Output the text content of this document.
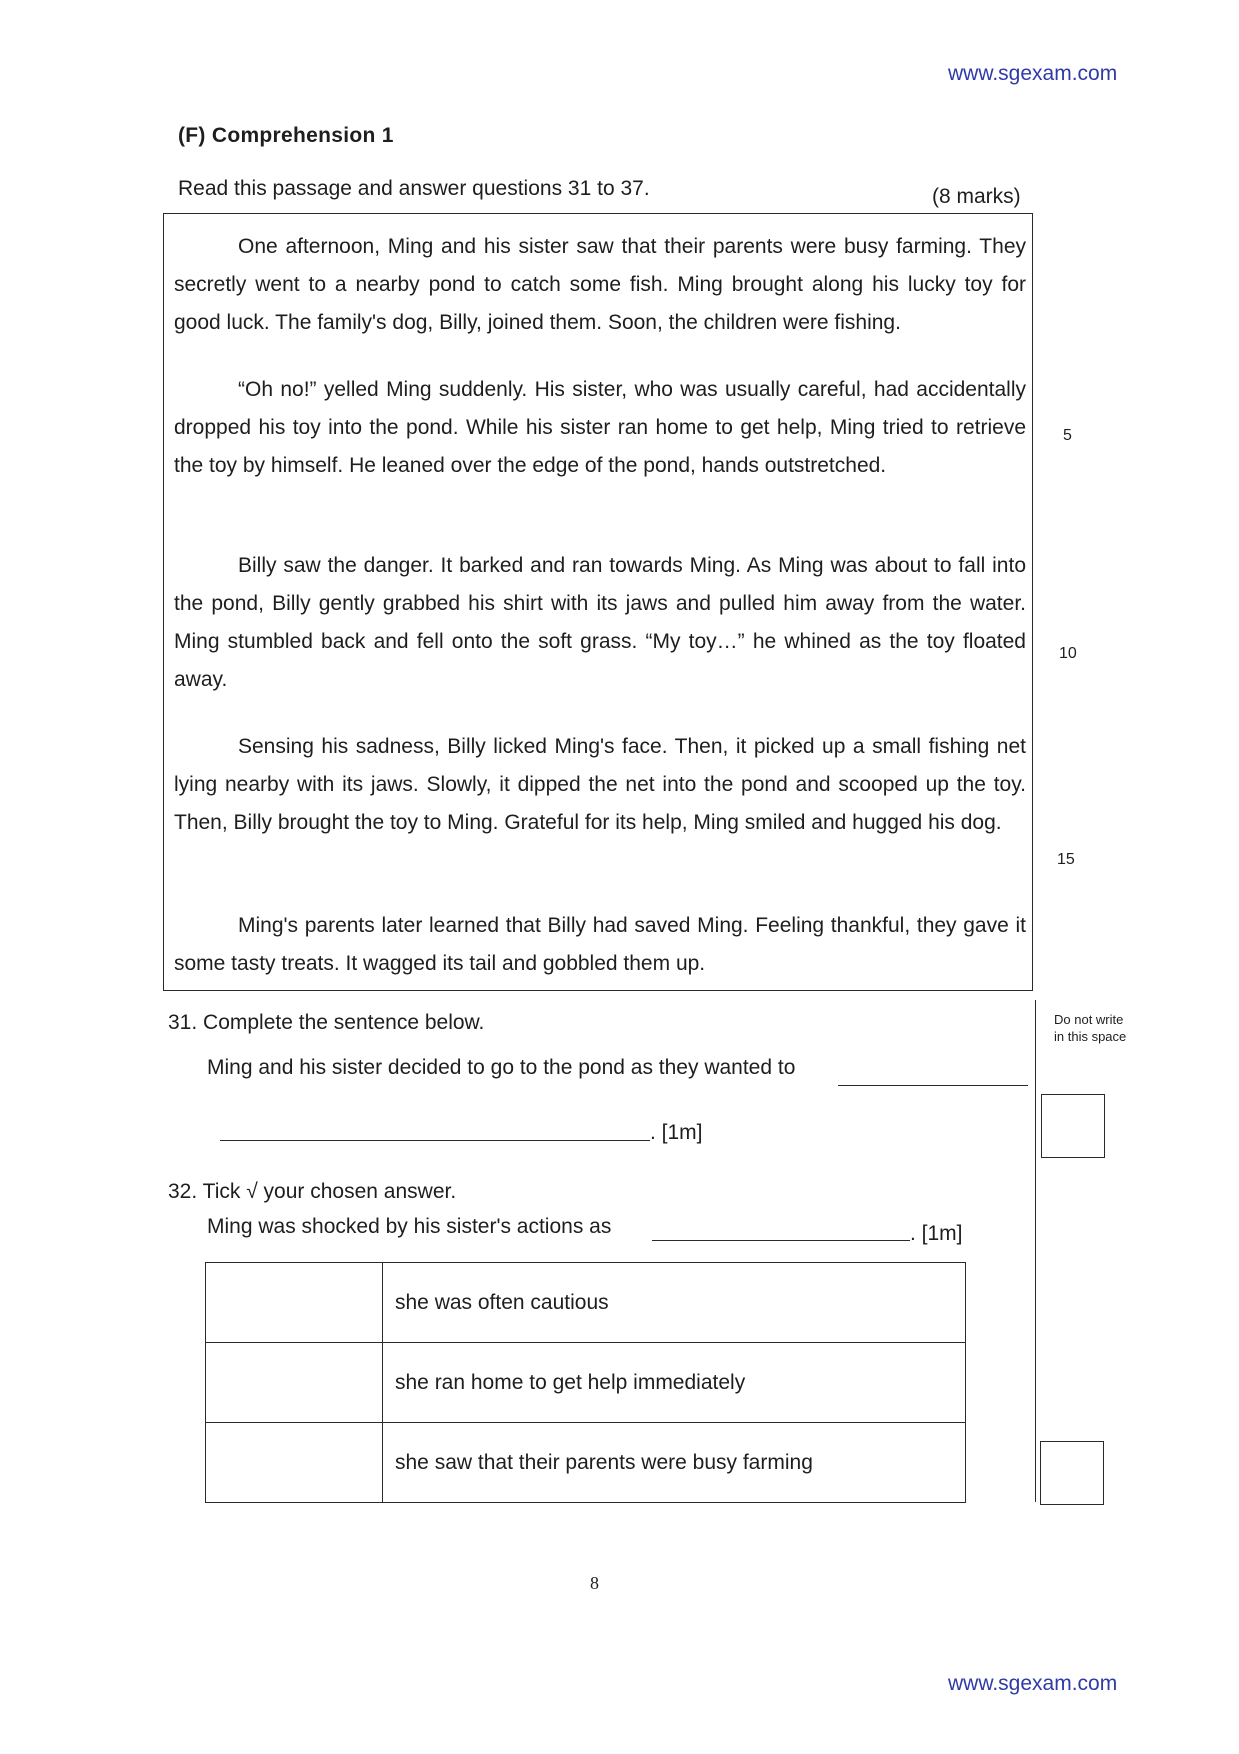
www.sgexam.com
(F) Comprehension 1
Read this passage and answer questions 31 to 37.	(8 marks)
One afternoon, Ming and his sister saw that their parents were busy farming. They secretly went to a nearby pond to catch some fish. Ming brought along his lucky toy for good luck. The family's dog, Billy, joined them. Soon, the children were fishing.
“Oh no!” yelled Ming suddenly. His sister, who was usually careful, had accidentally dropped his toy into the pond. While his sister ran home to get help, Ming tried to retrieve the toy by himself. He leaned over the edge of the pond, hands outstretched.
Billy saw the danger. It barked and ran towards Ming. As Ming was about to fall into the pond, Billy gently grabbed his shirt with its jaws and pulled him away from the water. Ming stumbled back and fell onto the soft grass. “My toy…” he whined as the toy floated away.
Sensing his sadness, Billy licked Ming's face. Then, it picked up a small fishing net lying nearby with its jaws. Slowly, it dipped the net into the pond and scooped up the toy. Then, Billy brought the toy to Ming. Grateful for its help, Ming smiled and hugged his dog.
Ming's parents later learned that Billy had saved Ming. Feeling thankful, they gave it some tasty treats. It wagged its tail and gobbled them up.
5
10
15
Do not write in this space
31. Complete the sentence below.
Ming and his sister decided to go to the pond as they wanted to
. [1m]
32. Tick √ your chosen answer.
Ming was shocked by his sister's actions as	. [1m]
	she was often cautious
	she ran home to get help immediately
	she saw that their parents were busy farming
8
www.sgexam.com
